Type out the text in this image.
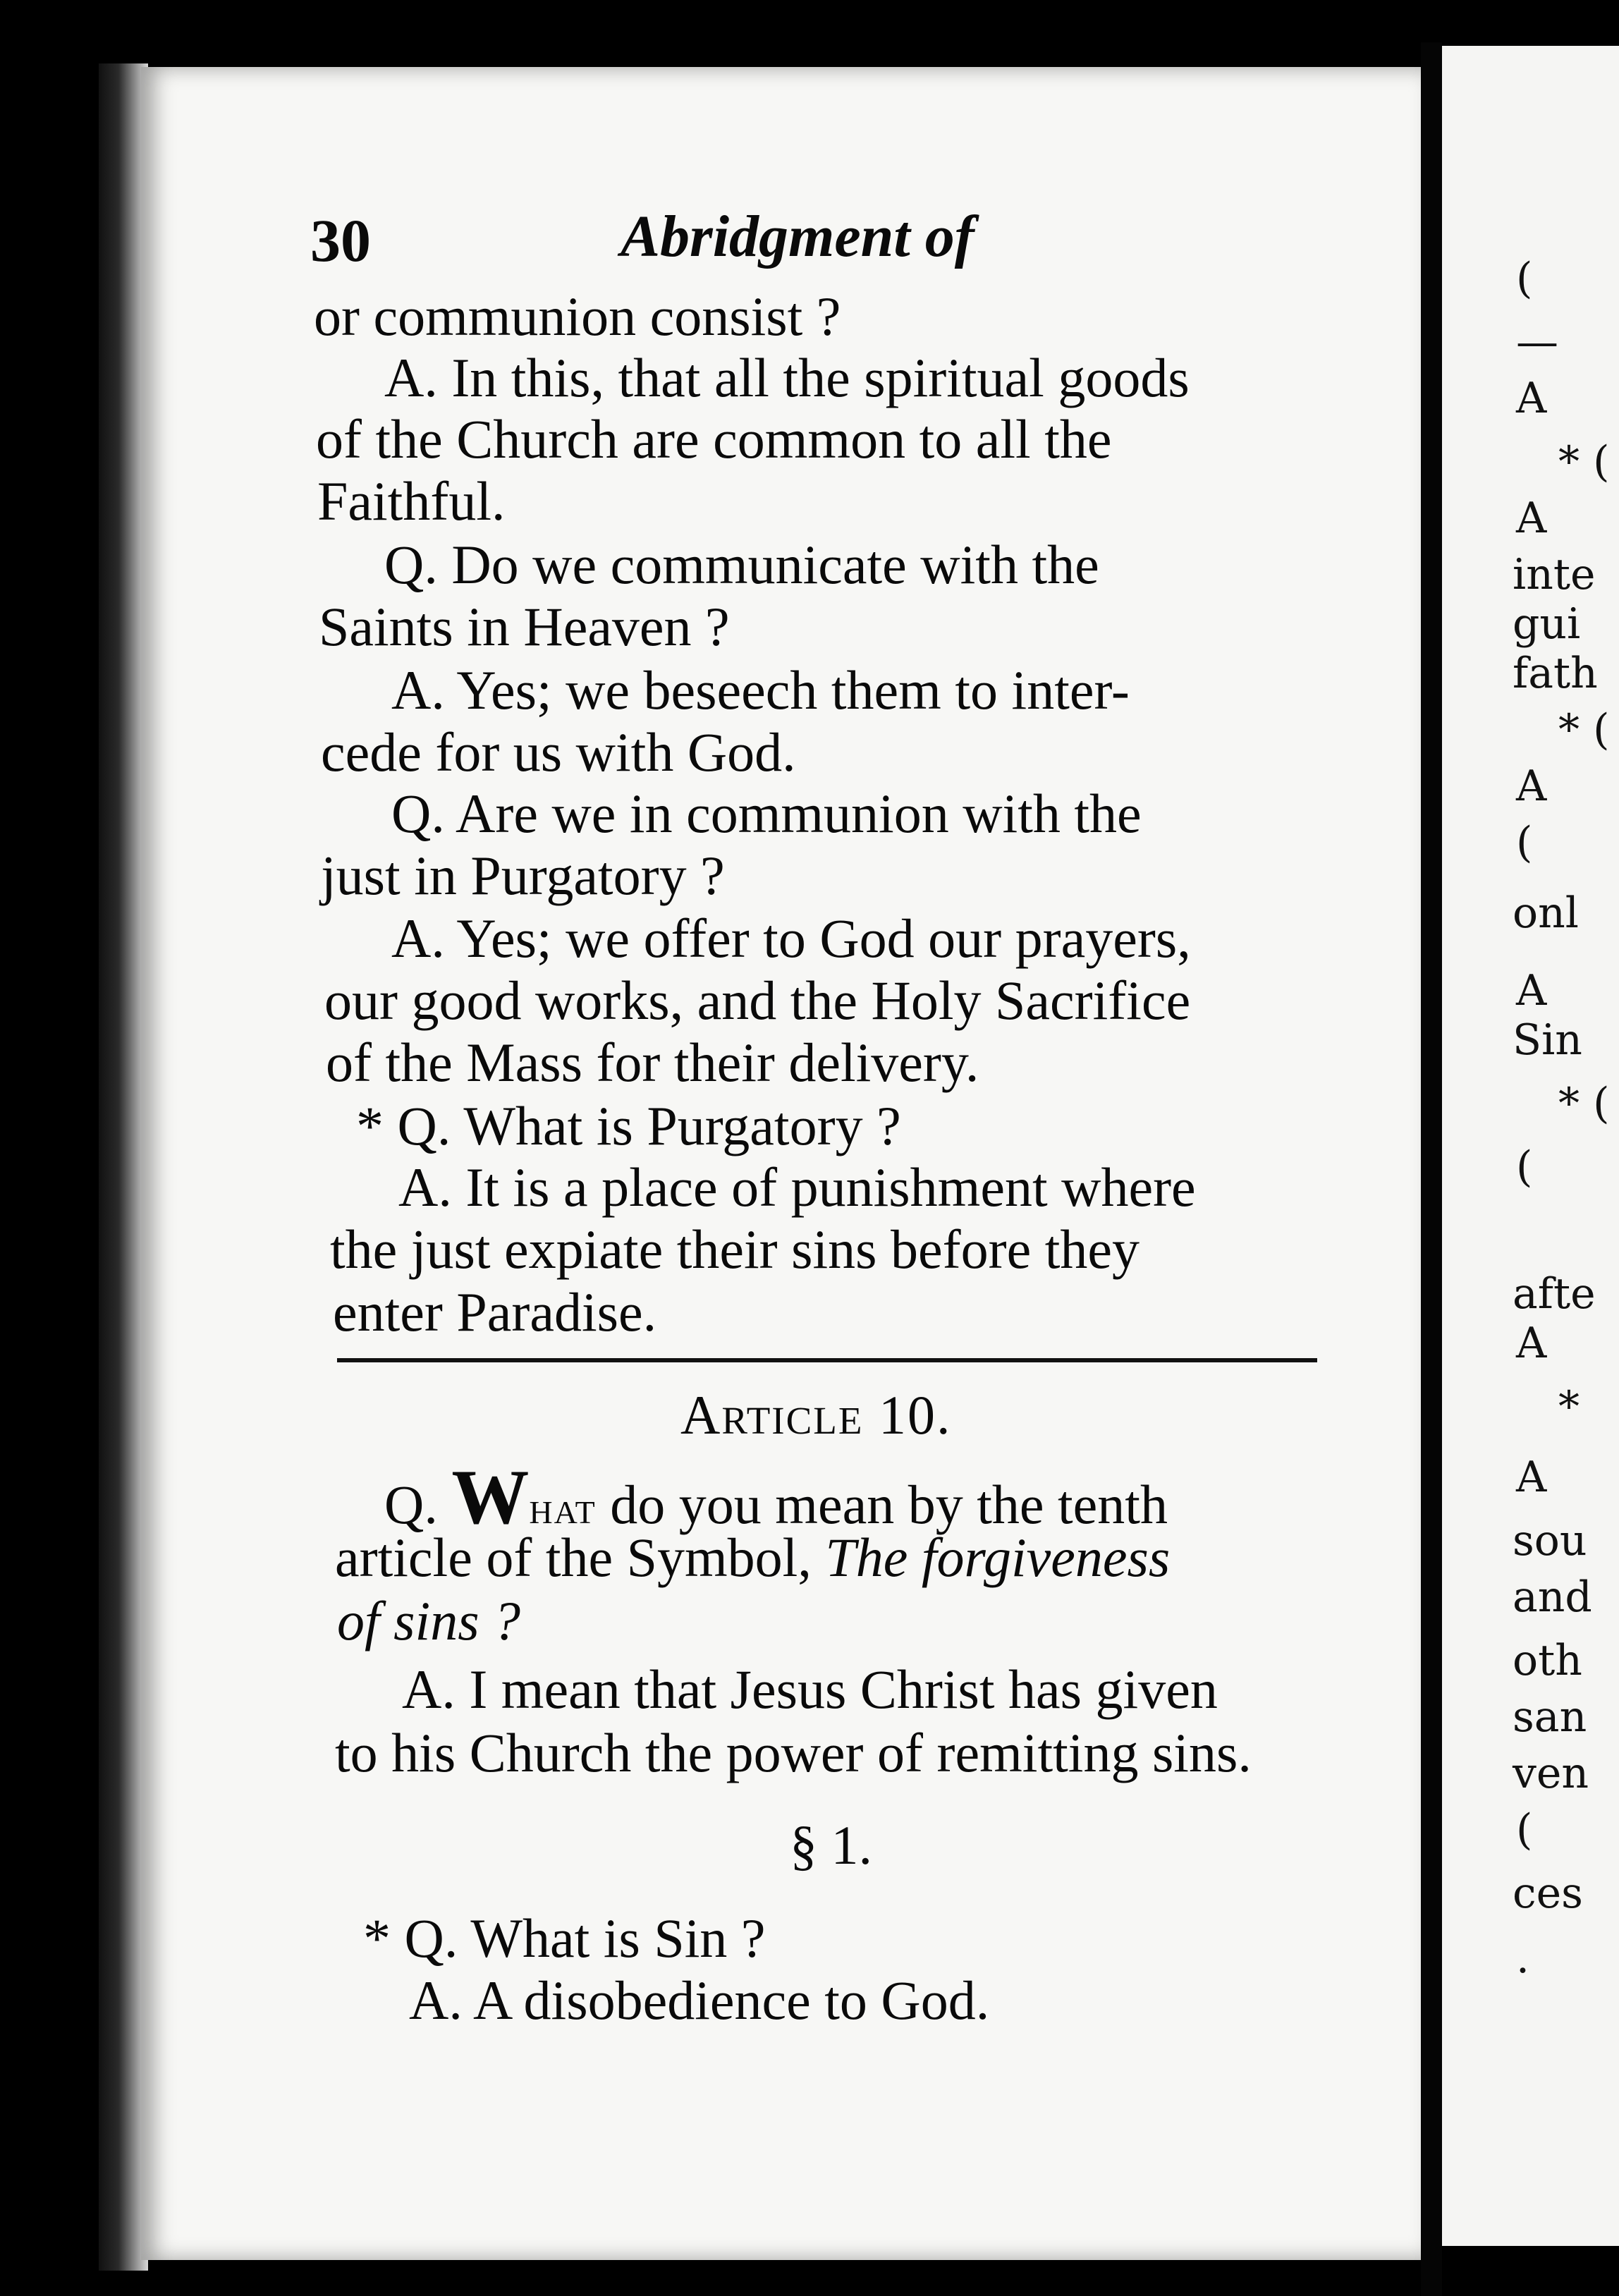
30	Abridgment of
or communion consist ?
A. In this, that all the spiritual goods
of the Church are common to all the
Faithful.
Q. Do we communicate with the
Saints in Heaven ?
A. Yes; we beseech them to inter-
cede for us with God.
Q. Are we in communion with the
just in Purgatory ?
A. Yes; we offer to God our prayers,
our good works, and the Holy Sacrifice
of the Mass for their delivery.
* Q. What is Purgatory ?
A. It is a place of punishment where
the just expiate their sins before they
enter Paradise.
Article 10.
Q. What do you mean by the tenth
article of the Symbol, The forgiveness
of sins ?
A. I mean that Jesus Christ has given
to his Church the power of remitting sins.
§ 1.
* Q. What is Sin ?
A. A disobedience to God.
(
—
A
* (
A
inte
gui
fath
* (
A
(
onl
A
Sin
* (
(
afte
A
*
A
sou
and
oth
san
ven
(
ces
·
